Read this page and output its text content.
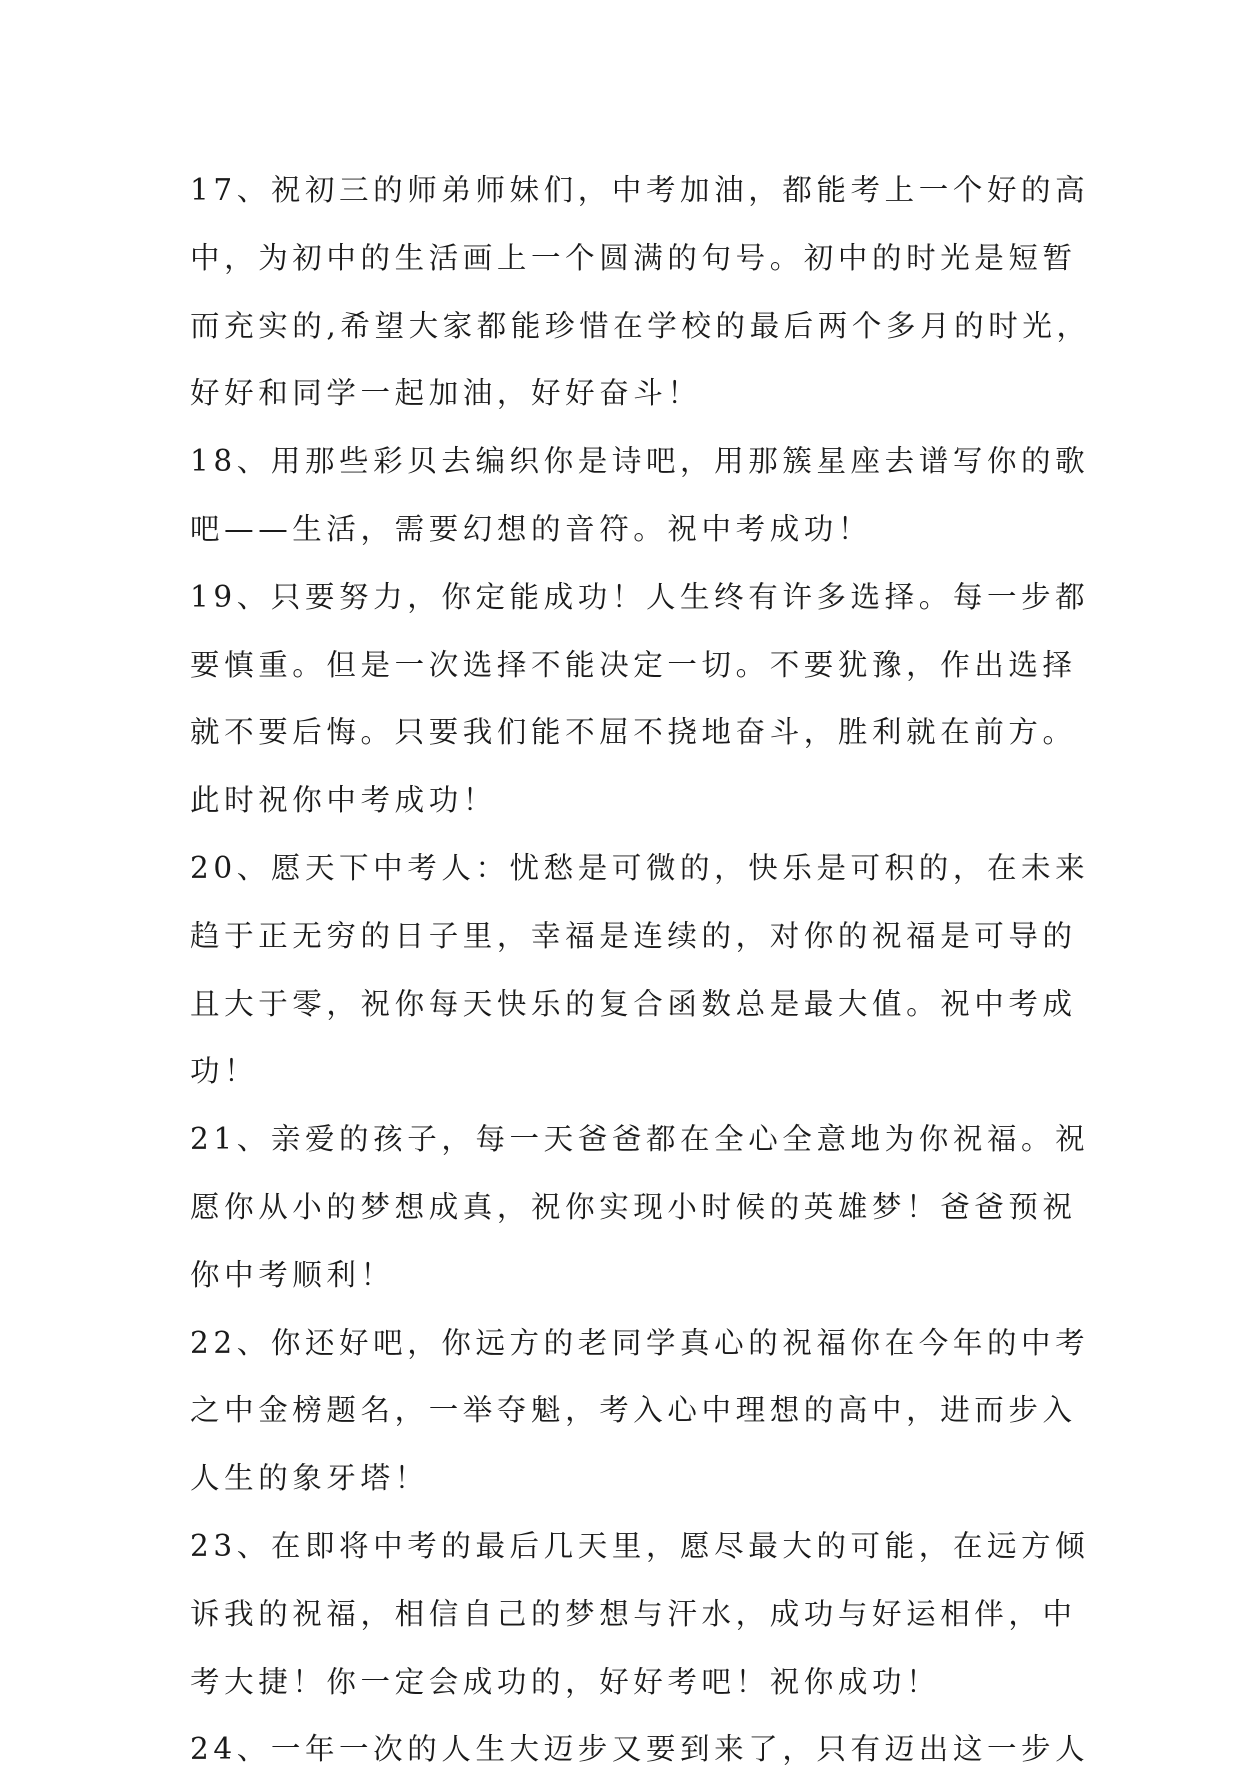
17、祝初三的师弟师妹们，中考加油，都能考上一个好的高
中，为初中的生活画上一个圆满的句号。初中的时光是短暂
而充实的,希望大家都能珍惜在学校的最后两个多月的时光，
好好和同学一起加油，好好奋斗！
18、用那些彩贝去编织你是诗吧，用那簇星座去谱写你的歌
吧——生活，需要幻想的音符。祝中考成功！
19、只要努力，你定能成功！人生终有许多选择。每一步都
要慎重。但是一次选择不能决定一切。不要犹豫，作出选择
就不要后悔。只要我们能不屈不挠地奋斗，胜利就在前方。
此时祝你中考成功！
20、愿天下中考人：忧愁是可微的，快乐是可积的，在未来
趋于正无穷的日子里，幸福是连续的，对你的祝福是可导的
且大于零，祝你每天快乐的复合函数总是最大值。祝中考成
功！
21、亲爱的孩子，每一天爸爸都在全心全意地为你祝福。祝
愿你从小的梦想成真，祝你实现小时候的英雄梦！爸爸预祝
你中考顺利！
22、你还好吧，你远方的老同学真心的祝福你在今年的中考
之中金榜题名，一举夺魁，考入心中理想的高中，进而步入
人生的象牙塔！
23、在即将中考的最后几天里，愿尽最大的可能，在远方倾
诉我的祝福，相信自己的梦想与汗水，成功与好运相伴，中
考大捷！你一定会成功的，好好考吧！祝你成功！
24、一年一次的人生大迈步又要到来了，只有迈出这一步人
